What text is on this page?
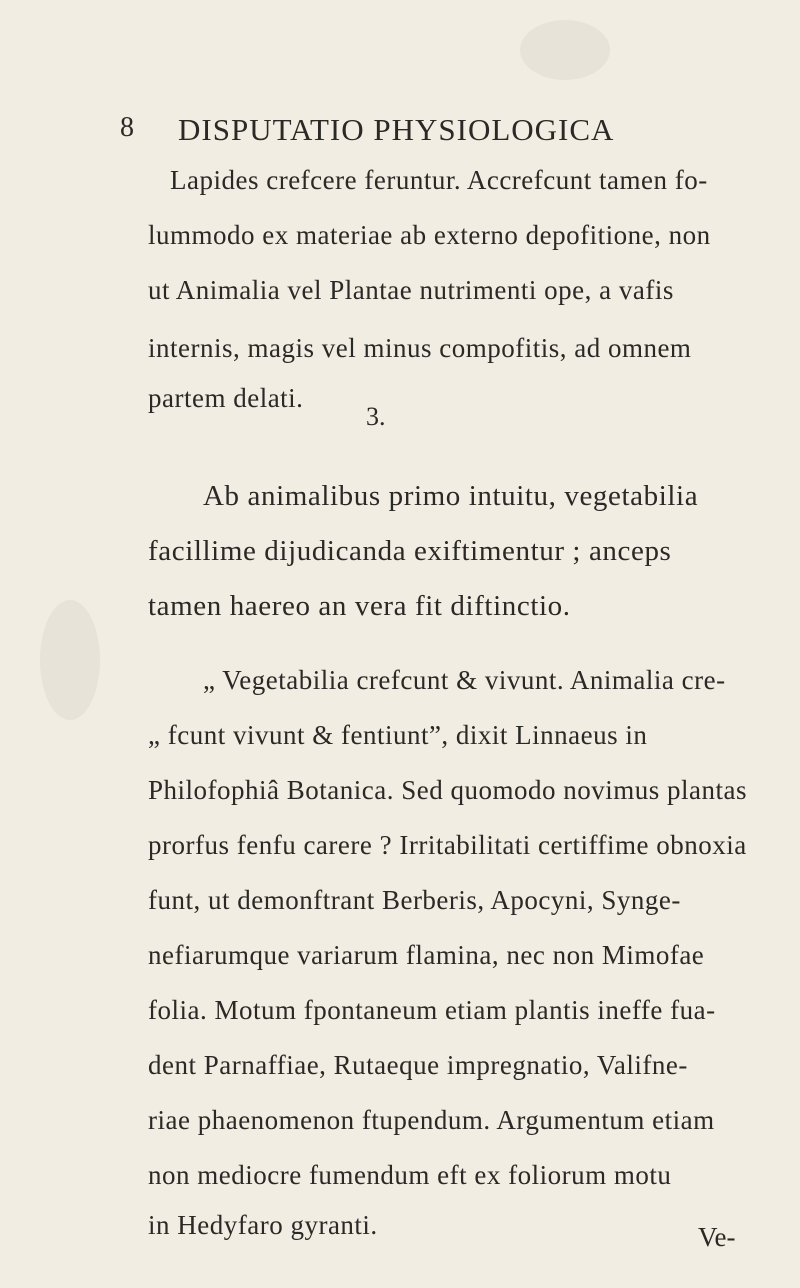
8 DISPUTATIO PHYSIOLOGICA
Lapides crefcere feruntur. Accrefcunt tamen fo-
lummodo ex materiae ab externo depofitione, non
ut Animalia vel Plantae nutrimenti ope, a vafis
internis, magis vel minus compofitis, ad omnem
partem delati.
3.
Ab animalibus primo intuitu, vegetabilia
facillime dijudicanda exiftimentur ; anceps
tamen haereo an vera fit diftinctio.
„ Vegetabilia crefcunt & vivunt. Animalia cre-
„ fcunt vivunt & fentiunt”, dixit Linnaeus in
Philofophiâ Botanica. Sed quomodo novimus plantas
prorfus fenfu carere ? Irritabilitati certiffime obnoxia
funt, ut demonftrant Berberis, Apocyni, Synge-
nefiarumque variarum flamina, nec non Mimofae
folia. Motum fpontaneum etiam plantis ineffe fua-
dent Parnaffiae, Rutaeque impregnatio, Valifne-
riae phaenomenon ftupendum. Argumentum etiam
non mediocre fumendum eft ex foliorum motu
in Hedyfaro gyranti.	Ve-
